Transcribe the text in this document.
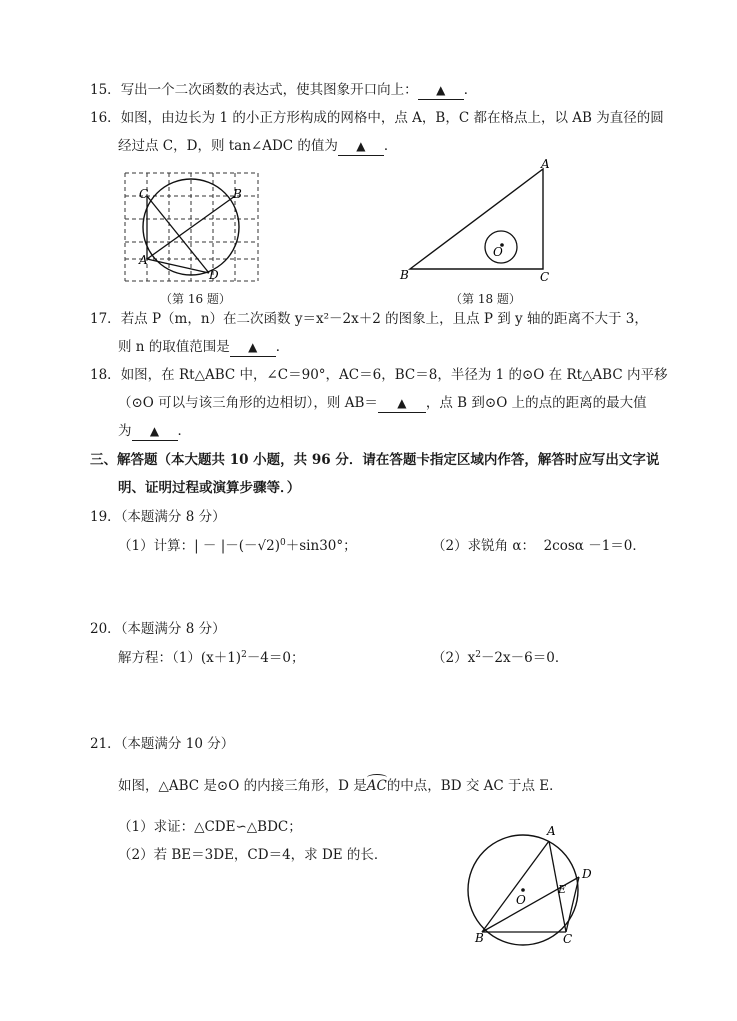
15．写出一个二次函数的表达式，使其图象开口向上： ▲ ．
16．如图，由边长为 1 的小正方形构成的网格中，点 A，B，C 都在格点上，以 AB 为直径的圆
经过点 C，D，则 tan∠ADC 的值为 ▲ ．
C	B
A
D
（第 16 题）
A
B	C
O
（第 18 题）
17．若点 P（m，n）在二次函数 y＝x²－2x＋2 的图象上，且点 P 到 y 轴的距离不大于 3，
则 n 的取值范围是 ▲ ．
18．如图，在 Rt△ABC 中，∠C＝90°，AC＝6，BC＝8，半径为 1 的⊙O 在 Rt△ABC 内平移
（⊙O 可以与该三角形的边相切），则 AB＝ ▲ ，点 B 到⊙O 上的点的距离的最大值
为 ▲ ．
三、解答题（本大题共 10 小题，共 96 分．请在答题卡指定区域内作答，解答时应写出文字说
明、证明过程或演算步骤等．）
19．（本题满分 8 分）
（1）计算：| － $|-(-√2)^0+\sin 30^\circ$；	（2）求锐角 α： 2cosα －1＝0．
20．（本题满分 8 分）
解方程：$(1)(x+1)^2-4=0$；	$(2)x^2-2x-6=0$．
21．（本题满分 10 分）
如图，△ABC 是⊙O 的内接三角形，D 是AC的中点，BD 交 AC 于点 E．
（1）求证：△CDE∽△BDC；
（2）若 BE＝3DE，CD＝4，求 DE 的长．
A
B	C
D
E
O
